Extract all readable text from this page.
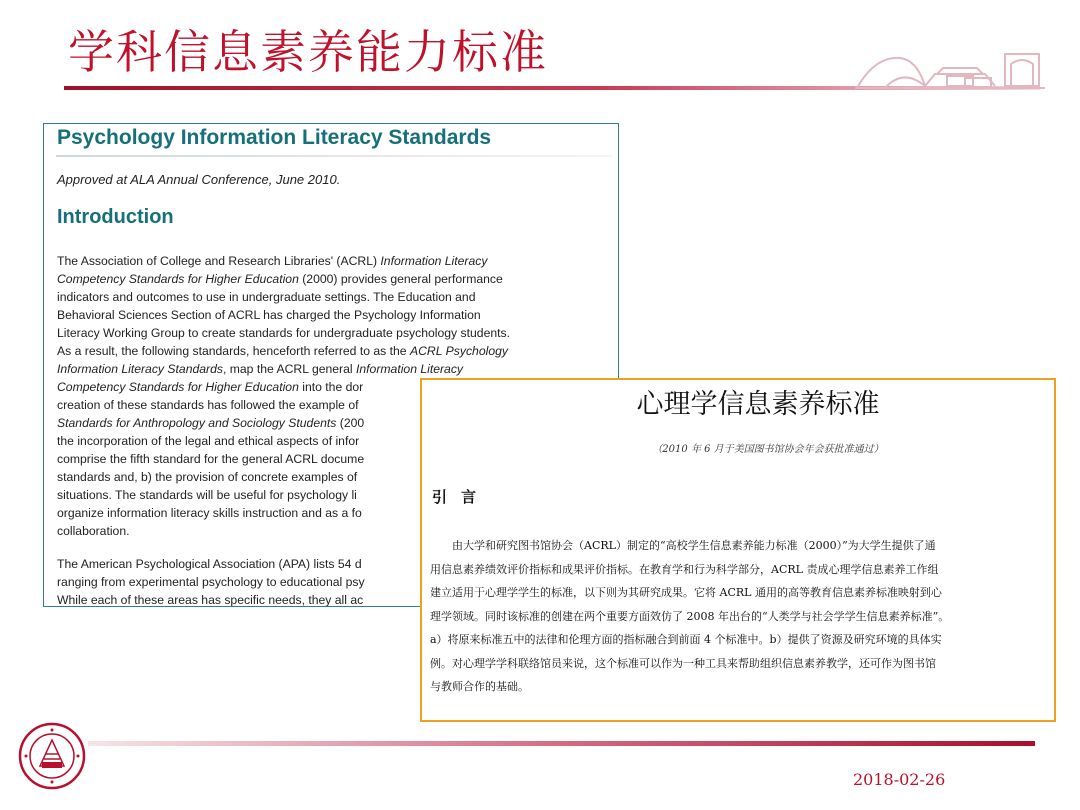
学科信息素养能力标准
Psychology Information Literacy Standards

Approved at ALA Annual Conference, June 2010.

Introduction
The Association of College and Research Libraries' (ACRL) Information Literacy
Competency Standards for Higher Education (2000) provides general performance
indicators and outcomes to use in undergraduate settings. The Education and
Behavioral Sciences Section of ACRL has charged the Psychology Information
Literacy Working Group to create standards for undergraduate psychology students.
As a result, the following standards, henceforth referred to as the ACRL Psychology
Information Literacy Standards, map the ACRL general Information Literacy
Competency Standards for Higher Education into the dor
creation of these standards has followed the example of
Standards for Anthropology and Sociology Students (200
the incorporation of the legal and ethical aspects of infor
comprise the fifth standard for the general ACRL docume
standards and, b) the provision of concrete examples of
situations. The standards will be useful for psychology li
organize information literacy skills instruction and as a fo
collaboration.
The American Psychological Association (APA) lists 54 d
ranging from experimental psychology to educational psy
While each of these areas has specific needs, they all ac
心理学信息素养标准
（2010 年 6 月于美国图书馆协会年会获批准通过）
引言
　　由大学和研究图书馆协会（ACRL）制定的“高校学生信息素养能力标准（2000）”为大学生提供了通
用信息素养绩效评价指标和成果评价指标。在教育学和行为科学部分，ACRL 责成心理学信息素养工作组
建立适用于心理学学生的标准，以下则为其研究成果。它将 ACRL 通用的高等教育信息素养标准映射到心
理学领域。同时该标准的创建在两个重要方面效仿了 2008 年出台的“人类学与社会学学生信息素养标准”。
a）将原来标准五中的法律和伦理方面的指标融合到前面 4 个标准中。b）提供了资源及研究环境的具体实
例。对心理学学科联络馆员来说，这个标准可以作为一种工具来帮助组织信息素养教学，还可作为图书馆
与教师合作的基础。
2018-02-26
